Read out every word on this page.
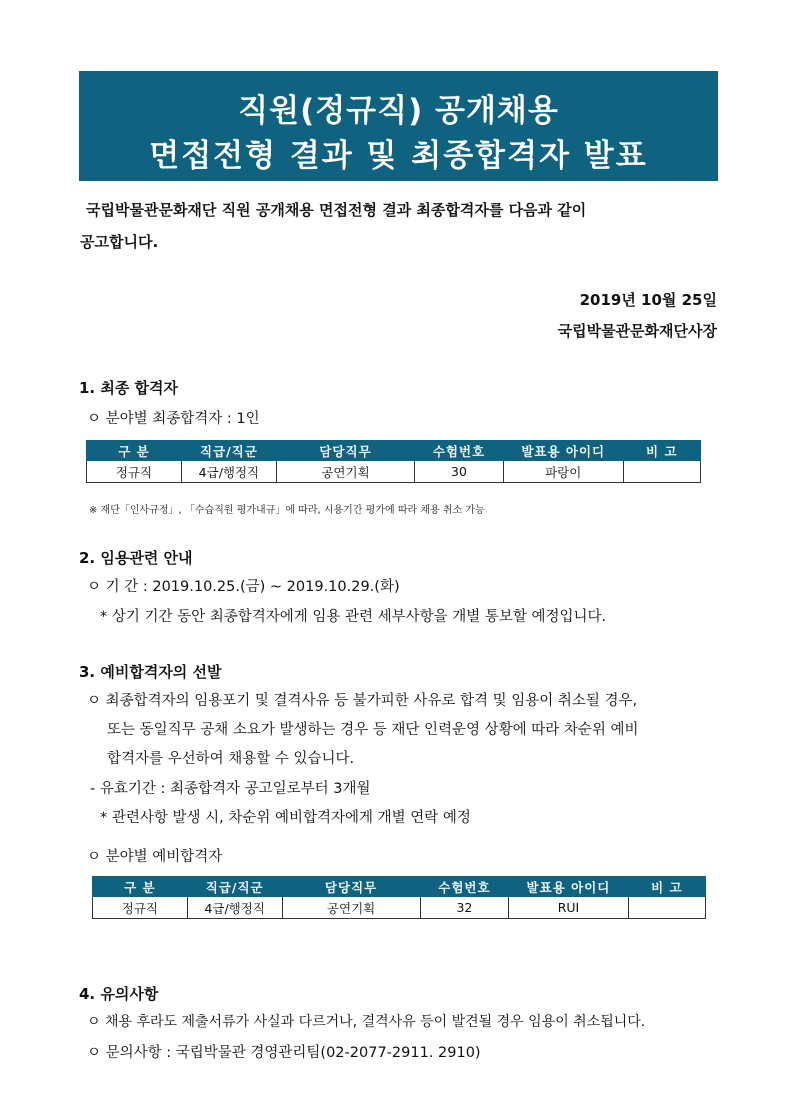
직원(정규직) 공개채용
면접전형 결과 및 최종합격자 발표
국립박물관문화재단 직원 공개채용 면접전형 결과 최종합격자를 다음과 같이
공고합니다.
2019년 10월 25일
국립박물관문화재단사장
1. 최종 합격자
ㅇ 분야별 최종합격자 : 1인
구 분	직급/직군	담당직무	수험번호	발표용 아이디	비 고
정규직	4급/행정직	공연기획	30	파랑이	
※ 재단「인사규정」, 「수습직원 평가내규」에 따라, 시용기간 평가에 따라 채용 취소 가능
2. 임용관련 안내
ㅇ 기 간 : 2019.10.25.(금) ~ 2019.10.29.(화)
* 상기 기간 동안 최종합격자에게 임용 관련 세부사항을 개별 통보할 예정입니다.
3. 예비합격자의 선발
ㅇ 최종합격자의 임용포기 및 결격사유 등 불가피한 사유로 합격 및 임용이 취소될 경우,
또는 동일직무 공채 소요가 발생하는 경우 등 재단 인력운영 상황에 따라 차순위 예비
합격자를 우선하여 채용할 수 있습니다.
- 유효기간 : 최종합격자 공고일로부터 3개월
* 관련사항 발생 시, 차순위 예비합격자에게 개별 연락 예정
ㅇ 분야별 예비합격자
구 분	직급/직군	담당직무	수험번호	발표용 아이디	비 고
정규직	4급/행정직	공연기획	32	RUI	
4. 유의사항
ㅇ 채용 후라도 제출서류가 사실과 다르거나, 결격사유 등이 발견될 경우 임용이 취소됩니다.
ㅇ 문의사항 : 국립박물관 경영관리팀(02-2077-2911. 2910)
